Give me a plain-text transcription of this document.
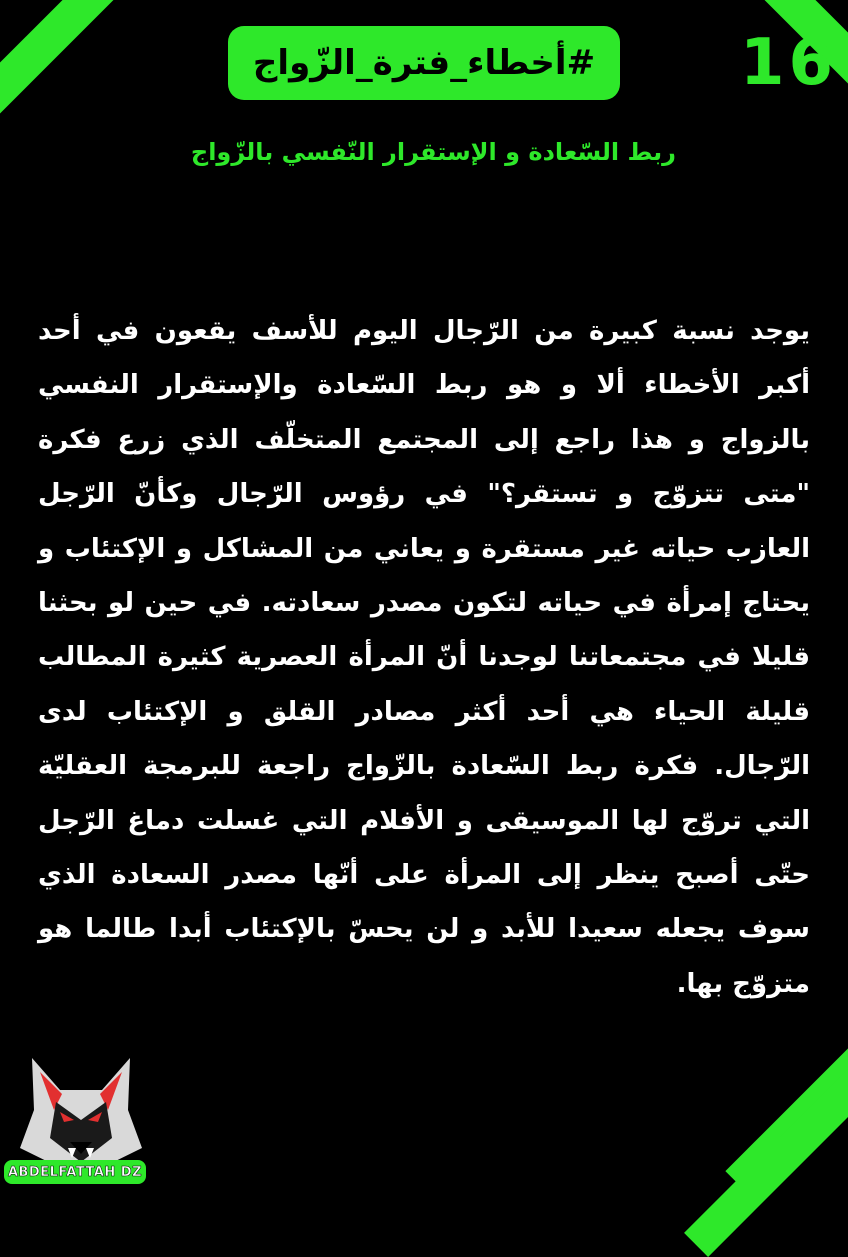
#أخطاء_فترة_الزّواج 16
ربط السّعادة و الإستقرار النّفسي بالزّواج
يوجد نسبة كبيرة من الرّجال اليوم للأسف يقعون في أحد أكبر الأخطاء ألا و هو ربط السّعادة والإستقرار النفسي بالزواج و هذا راجع إلى المجتمع المتخلّف الذي زرع فكرة "متى تتزوّج و تستقر؟" في رؤوس الرّجال وكأنّ الرّجل العازب حياته غير مستقرة و يعاني من المشاكل و الإكتئاب و يحتاج إمرأة في حياته لتكون مصدر سعادته. في حين لو بحثنا قليلا في مجتمعاتنا لوجدنا أنّ المرأة العصرية كثيرة المطالب قليلة الحياء هي أحد أكثر مصادر القلق و الإكتئاب لدى الرّجال. فكرة ربط السّعادة بالزّواج راجعة للبرمجة العقليّة التي تروّج لها الموسيقى و الأفلام التي غسلت دماغ الرّجل حتّى أصبح ينظر إلى المرأة على أنّها مصدر السعادة الذي سوف يجعله سعيدا للأبد و لن يحسّ بالإكتئاب أبدا طالما هو متزوّج بها.
ABDELFATTAH DZ
